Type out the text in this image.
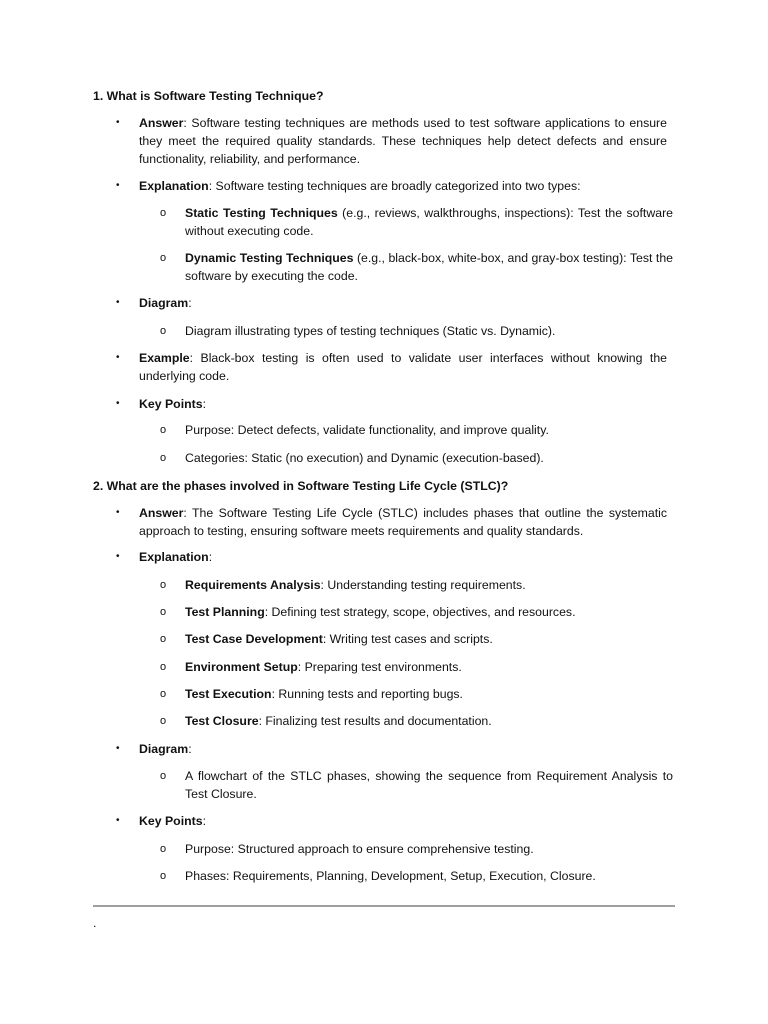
1. What is Software Testing Technique?
•	Answer: Software testing techniques are methods used to test software applications to ensure they meet the required quality standards. These techniques help detect defects and ensure functionality, reliability, and performance.
•	Explanation: Software testing techniques are broadly categorized into two types:
o	Static Testing Techniques (e.g., reviews, walkthroughs, inspections): Test the software without executing code.
o	Dynamic Testing Techniques (e.g., black-box, white-box, and gray-box testing): Test the software by executing the code.
•	Diagram:
o	Diagram illustrating types of testing techniques (Static vs. Dynamic).
•	Example: Black-box testing is often used to validate user interfaces without knowing the underlying code.
•	Key Points:
o	Purpose: Detect defects, validate functionality, and improve quality.
o	Categories: Static (no execution) and Dynamic (execution-based).
2. What are the phases involved in Software Testing Life Cycle (STLC)?
•	Answer: The Software Testing Life Cycle (STLC) includes phases that outline the systematic approach to testing, ensuring software meets requirements and quality standards.
•	Explanation:
o	Requirements Analysis: Understanding testing requirements.
o	Test Planning: Defining test strategy, scope, objectives, and resources.
o	Test Case Development: Writing test cases and scripts.
o	Environment Setup: Preparing test environments.
o	Test Execution: Running tests and reporting bugs.
o	Test Closure: Finalizing test results and documentation.
•	Diagram:
o	A flowchart of the STLC phases, showing the sequence from Requirement Analysis to Test Closure.
•	Key Points:
o	Purpose: Structured approach to ensure comprehensive testing.
o	Phases: Requirements, Planning, Development, Setup, Execution, Closure.
.
